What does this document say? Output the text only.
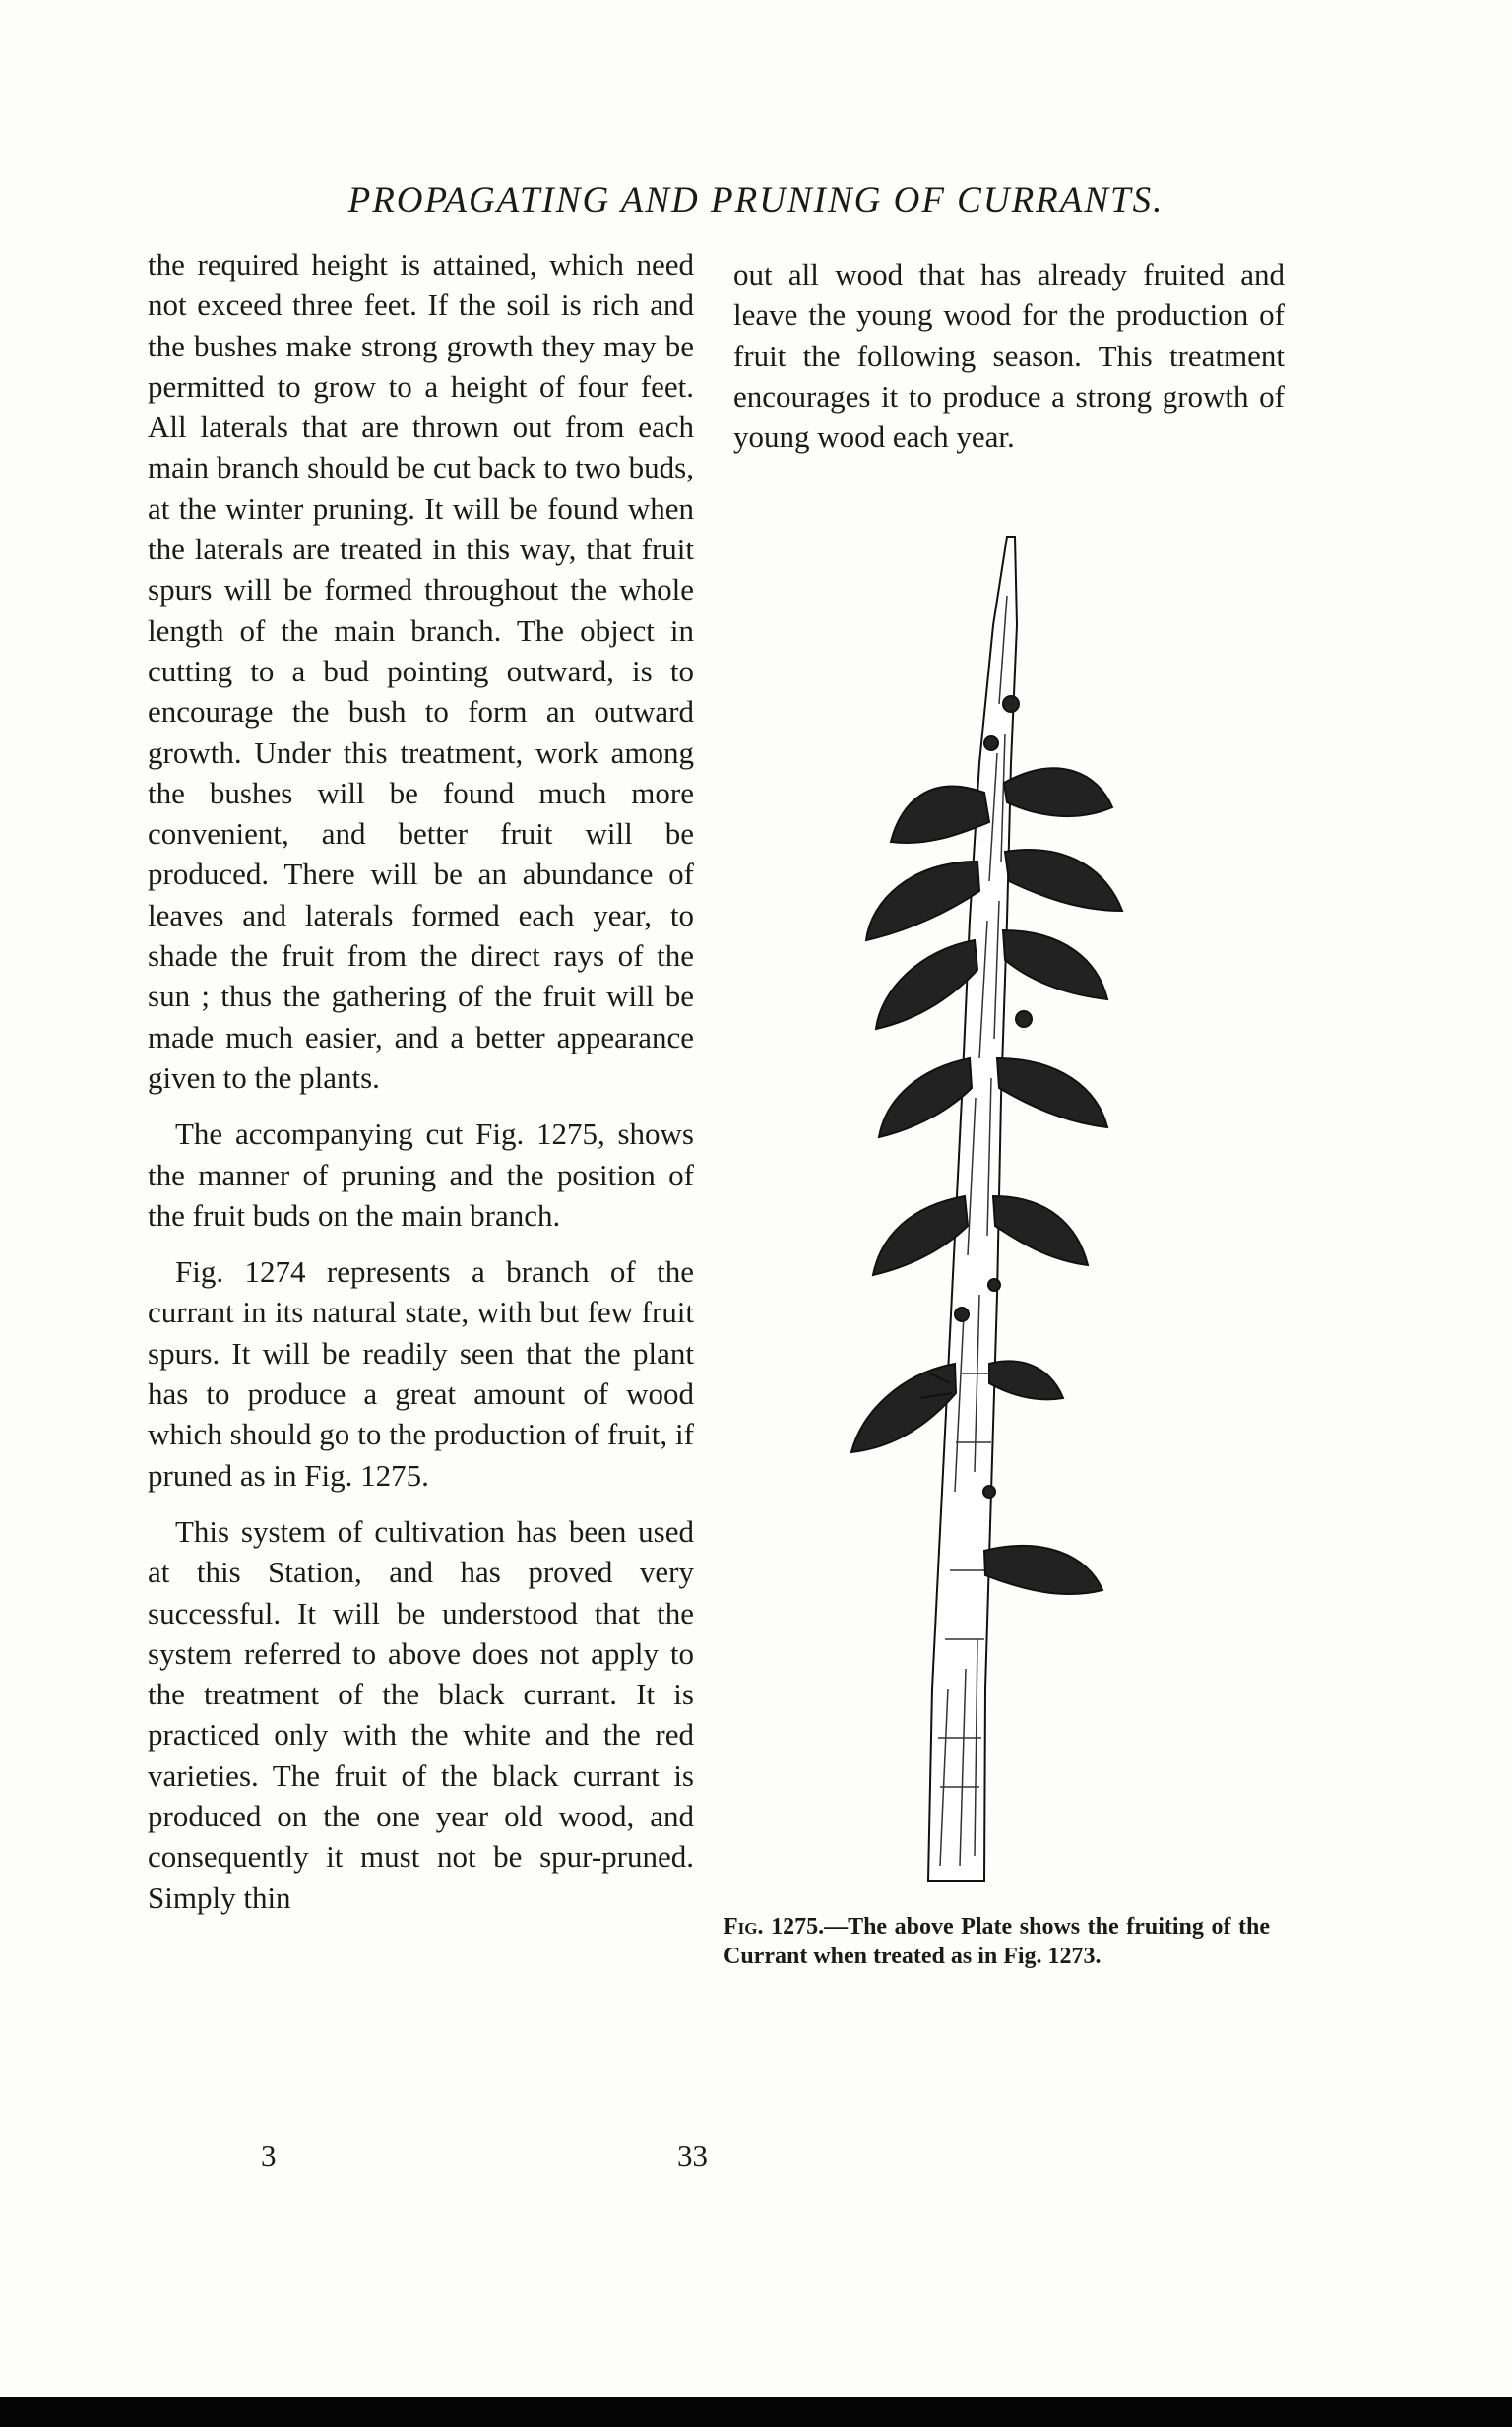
PROPAGATING AND PRUNING OF CURRANTS.

the required height is attained, which need not exceed three feet. If the soil is rich and the bushes make strong growth they may be permitted to grow to a height of four feet. All laterals that are thrown out from each main branch should be cut back to two buds, at the winter pruning. It will be found when the laterals are treated in this way, that fruit spurs will be formed throughout the whole length of the main branch. The object in cutting to a bud pointing outward, is to encourage the bush to form an outward growth. Under this treatment, work among the bushes will be found much more convenient, and better fruit will be produced. There will be an abundance of leaves and laterals formed each year, to shade the fruit from the direct rays of the sun ; thus the gathering of the fruit will be made much easier, and a better appearance given to the plants.

The accompanying cut Fig. 1275, shows the manner of pruning and the position of the fruit buds on the main branch.

Fig. 1274 represents a branch of the currant in its natural state, with but few fruit spurs. It will be readily seen that the plant has to produce a great amount of wood which should go to the production of fruit, if pruned as in Fig. 1275.

This system of cultivation has been used at this Station, and has proved very successful. It will be understood that the system referred to above does not apply to the treatment of the black currant. It is practiced only with the white and the red varieties. The fruit of the black currant is produced on the one year old wood, and consequently it must not be spur-pruned. Simply thin

out all wood that has already fruited and leave the young wood for the production of fruit the following season. This treatment encourages it to produce a strong growth of young wood each year.

Fig. 1275.—The above Plate shows the fruiting of the Currant when treated as in Fig. 1273.
3	33
